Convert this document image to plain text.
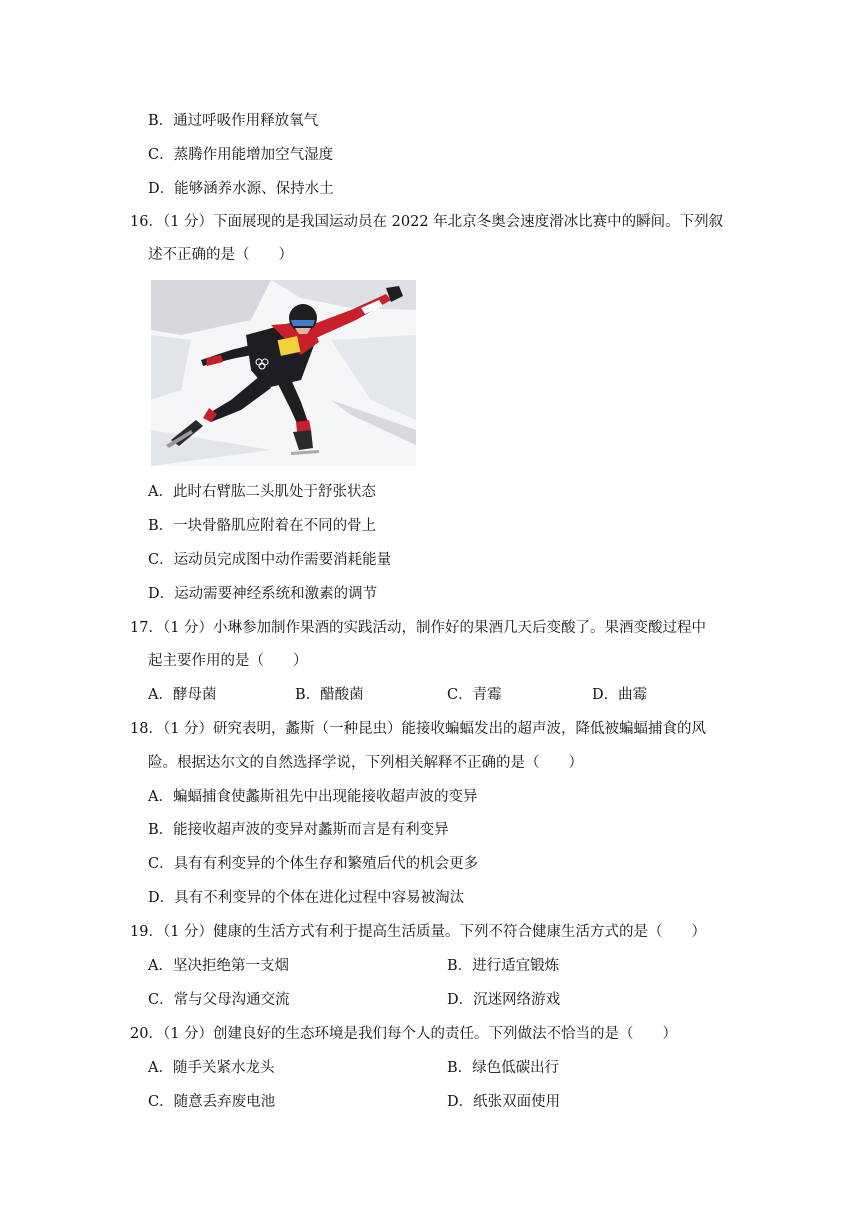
B．通过呼吸作用释放氧气
C．蒸腾作用能增加空气湿度
D．能够涵养水源、保持水土
16．（1 分）下面展现的是我国运动员在 2022 年北京冬奥会速度滑冰比赛中的瞬间。下列叙
述不正确的是（　　）
A．此时右臂肱二头肌处于舒张状态
B．一块骨骼肌应附着在不同的骨上
C．运动员完成图中动作需要消耗能量
D．运动需要神经系统和激素的调节
17．（1 分）小琳参加制作果酒的实践活动，制作好的果酒几天后变酸了。果酒变酸过程中
起主要作用的是（　　）
A．酵母菌	B．醋酸菌	C．青霉	D．曲霉
18．（1 分）研究表明，蠡斯（一种昆虫）能接收蝙蝠发出的超声波，降低被蝙蝠捕食的风
险。根据达尔文的自然选择学说，下列相关解释不正确的是（　　）
A．蝙蝠捕食使蠡斯祖先中出现能接收超声波的变异
B．能接收超声波的变异对蠡斯而言是有利变异
C．具有有利变异的个体生存和繁殖后代的机会更多
D．具有不利变异的个体在进化过程中容易被淘汰
19．（1 分）健康的生活方式有利于提高生活质量。下列不符合健康生活方式的是（　　）
A．坚决拒绝第一支烟	B．进行适宜锻炼
C．常与父母沟通交流	D．沉迷网络游戏
20．（1 分）创建良好的生态环境是我们每个人的责任。下列做法不恰当的是（　　）
A．随手关紧水龙头	B．绿色低碳出行
C．随意丢弃废电池	D．纸张双面使用
